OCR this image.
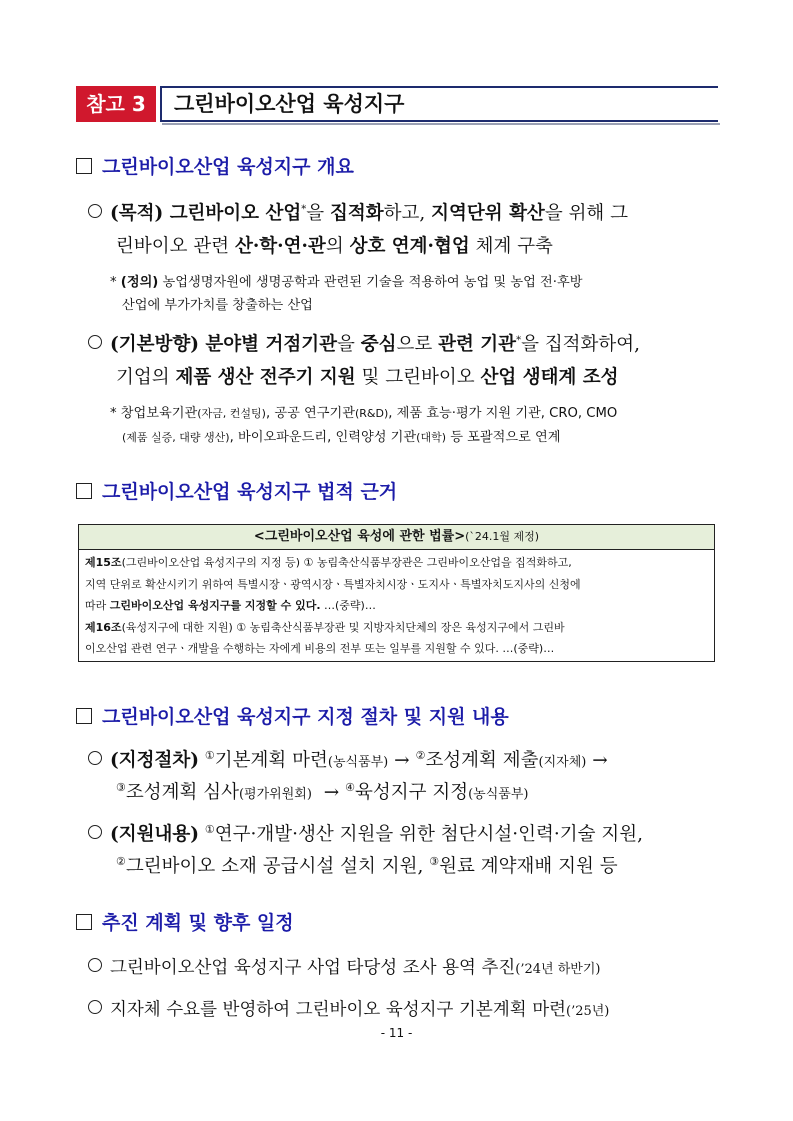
참고 3	그린바이오산업 육성지구
그린바이오산업 육성지구 개요
(목적) 그린바이오 산업*을 집적화하고, 지역단위 확산을 위해 그
린바이오 관련 산·학·연·관의 상호 연계·협업 체계 구축
* (정의) 농업생명자원에 생명공학과 관련된 기술을 적용하여 농업 및 농업 전·후방
산업에 부가가치를 창출하는 산업
(기본방향) 분야별 거점기관을 중심으로 관련 기관*을 집적화하여,
기업의 제품 생산 전주기 지원 및 그린바이오 산업 생태계 조성
* 창업보육기관(자금, 컨설팅), 공공 연구기관(R&D), 제품 효능·평가 지원 기관, CRO, CMO
(제품 실증, 대량 생산), 바이오파운드리, 인력양성 기관(대학) 등 포괄적으로 연계
그린바이오산업 육성지구 법적 근거
<그린바이오산업 육성에 관한 법률>(`24.1월 제정)
제15조(그린바이오산업 육성지구의 지정 등) ① 농림축산식품부장관은 그린바이오산업을 집적화하고,
지역 단위로 확산시키기 위하여 특별시장ㆍ광역시장ㆍ특별자치시장ㆍ도지사ㆍ특별자치도지사의 신청에
따라 그린바이오산업 육성지구를 지정할 수 있다. …(중략)…
제16조(육성지구에 대한 지원) ① 농림축산식품부장관 및 지방자치단체의 장은 육성지구에서 그린바
이오산업 관련 연구ㆍ개발을 수행하는 자에게 비용의 전부 또는 일부를 지원할 수 있다. …(중략)…
그린바이오산업 육성지구 지정 절차 및 지원 내용
(지정절차) ①기본계획 마련(농식품부) → ②조성계획 제출(지자체) →
③조성계획 심사(평가위원회) → ④육성지구 지정(농식품부)
(지원내용) ①연구·개발·생산 지원을 위한 첨단시설·인력·기술 지원,
②그린바이오 소재 공급시설 설치 지원, ③원료 계약재배 지원 등
추진 계획 및 향후 일정
그린바이오산업 육성지구 사업 타당성 조사 용역 추진(’24년 하반기)
지자체 수요를 반영하여 그린바이오 육성지구 기본계획 마련(’25년)
- 11 -
